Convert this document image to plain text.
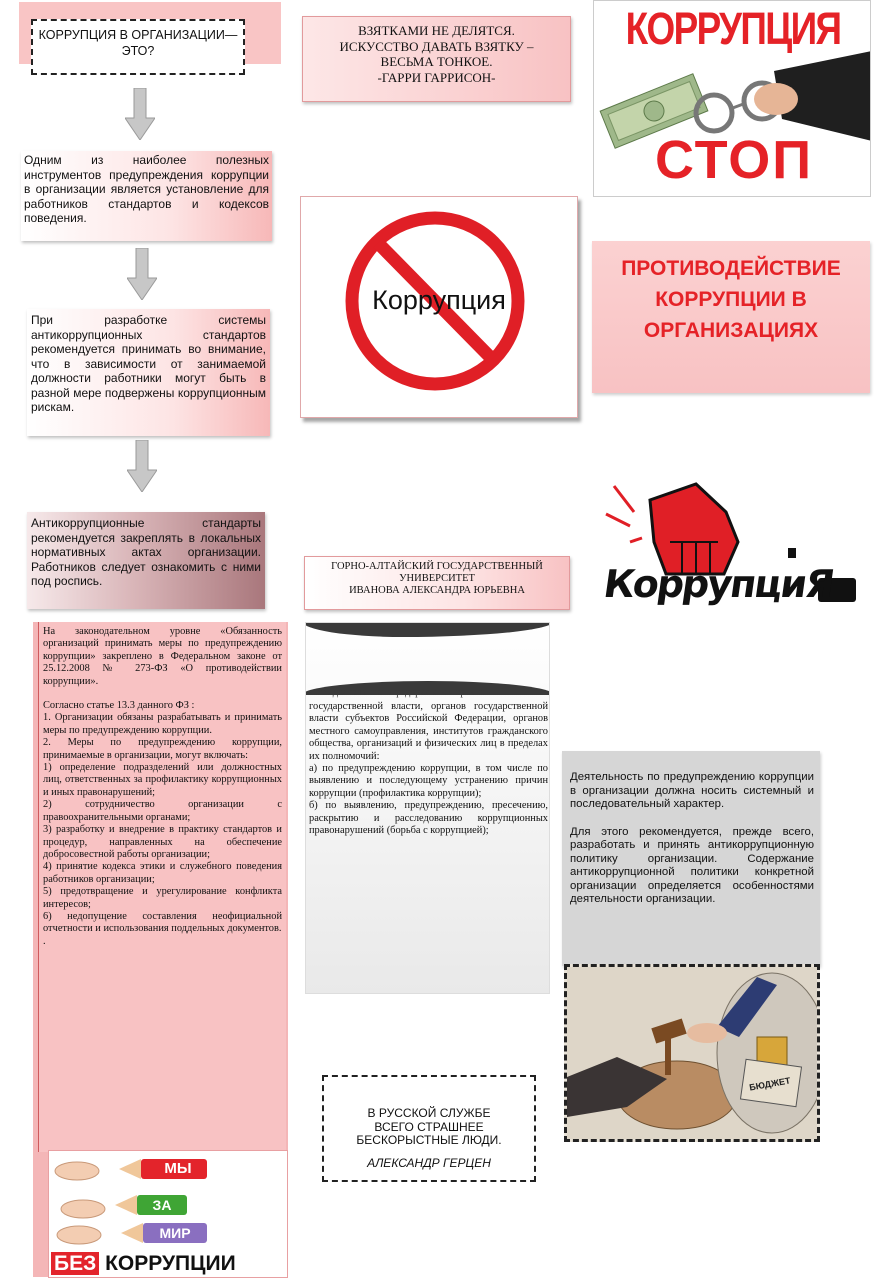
КОРРУПЦИЯ В ОРГАНИЗАЦИИ—ЭТО?
Одним из наиболее полезных инструментов предупреждения коррупции в организации является установление для работников стандартов и кодексов поведения.
При разработке системы антикоррупционных стандартов рекомендуется принимать во внимание, что в зависимости от занимаемой должности работники могут быть в разной мере подвержены коррупционным рискам.
Антикоррупционные стандарты рекомендуется закреплять в локальных нормативных актах организации. Работников следует ознакомить с ними под роспись.
На законодательном уровне «Обязанность организаций принимать меры по предупреждению коррупции» закреплено в Федеральном законе от 25.12.2008 № 273-ФЗ «О противодействии коррупции».
Согласно статье 13.3 данного ФЗ :
1. Организации обязаны разрабатывать и принимать меры по предупреждению коррупции.
2. Меры по предупреждению коррупции, принимаемые в организации, могут включать:
1) определение подразделений или должностных лиц, ответственных за профилактику коррупционных и иных правонарушений;
2) сотрудничество организации с правоохранительными органами;
3) разработку и внедрение в практику стандартов и процедур, направленных на обеспечение добросовестной работы организации;
4) принятие кодекса этики и служебного поведения работников организации;
5) предотвращение и урегулирование конфликта интересов;
6) недопущение составления неофициальной отчетности и использования поддельных документов.
.
МЫ
ЗА
МИР
БЕЗ КОРРУПЦИИ
ВЗЯТКАМИ НЕ ДЕЛЯТСЯ.
ИСКУССТВО ДАВАТЬ ВЗЯТКУ –
ВЕСЬМА ТОНКОЕ.
-ГАРРИ ГАРРИСОН-
Коррупция
ГОРНО-АЛТАЙСКИЙ ГОСУДАРСТВЕННЫЙ
УНИВЕРСИТЕТ
ИВАНОВА АЛЕКСАНДРА ЮРЬЕВНА
- это деятельность федеральных органов
государственной власти, органов государственной власти субъектов Российской Федерации, органов местного самоуправления, институтов гражданского общества, организаций и физических лиц в пределах их полномочий:
а) по предупреждению коррупции, в том числе по выявлению и последующему устранению причин коррупции (профилактика коррупции);
б) по выявлению, предупреждению, пресечению, раскрытию и расследованию коррупционных правонарушений (борьба с коррупцией);
В РУССКОЙ СЛУЖБЕ
ВСЕГО СТРАШНЕЕ
БЕСКОРЫСТНЫЕ ЛЮДИ.
АЛЕКСАНДР ГЕРЦЕН
КОРРУПЦИЯ
СТОП
ПРОТИВОДЕЙСТВИЕ
КОРРУПЦИИ В
ОРГАНИЗАЦИЯХ
КоррупциЯ
Деятельность по предупреждению коррупции в организации должна носить системный и последовательный характер.
Для этого рекомендуется, прежде всего, разработать и принять антикоррупционную политику организации. Содержание антикоррупционной политики конкретной организации определяется особенностями деятельности организации.
БЮДЖЕТ
